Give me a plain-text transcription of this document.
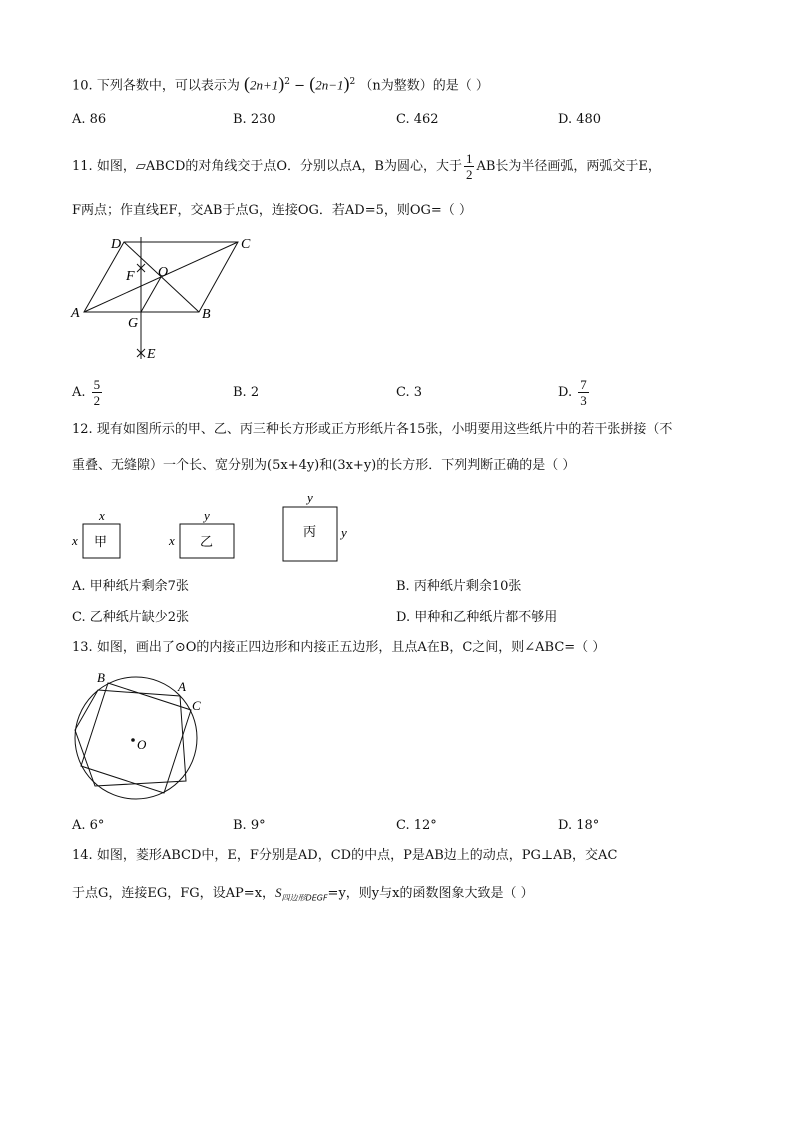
10. 下列各数中，可以表示为 $(2n+1)^2 - (2n-1)^2$ （n为整数）的是（ ）
A. 86	B. 230	C. 462	D. 480
11. 如图，▱ABCD的对角线交于点O．分别以点A，B为圆心，大于 $\frac{1}{2}$ AB长为半径画弧，两弧交于E，
F两点；作直线EF，交AB于点G，连接OG．若AD=5，则OG=（ ）
D	C
A	B
O
G
F
E
A. $\frac{5}{2}$	B. 2	C. 3	D. $\frac{7}{3}$
12. 现有如图所示的甲、乙、丙三种长方形或正方形纸片各15张，小明要用这些纸片中的若干张拼接（不
重叠、无缝隙）一个长、宽分别为(5x+4y)和(3x+y)的长方形．下列判断正确的是（ ）
甲
x
x	乙
y
x
丙
y
y
A. 甲种纸片剩余7张	B. 丙种纸片剩余10张
C. 乙种纸片缺少2张	D. 甲种和乙种纸片都不够用
13. 如图，画出了⊙O的内接正四边形和内接正五边形，且点A在B，C之间，则∠ABC=（ ）
O
B
A
C
A. 6°	B. 9°	C. 12°	D. 18°
14. 如图，菱形ABCD中，E，F分别是AD，CD的中点，P是AB边上的动点，PG⊥AB，交AC
于点G，连接EG，FG，设AP=x，$S_{四边形DEGF}=y$，则y与x的函数图象大致是（ ）
